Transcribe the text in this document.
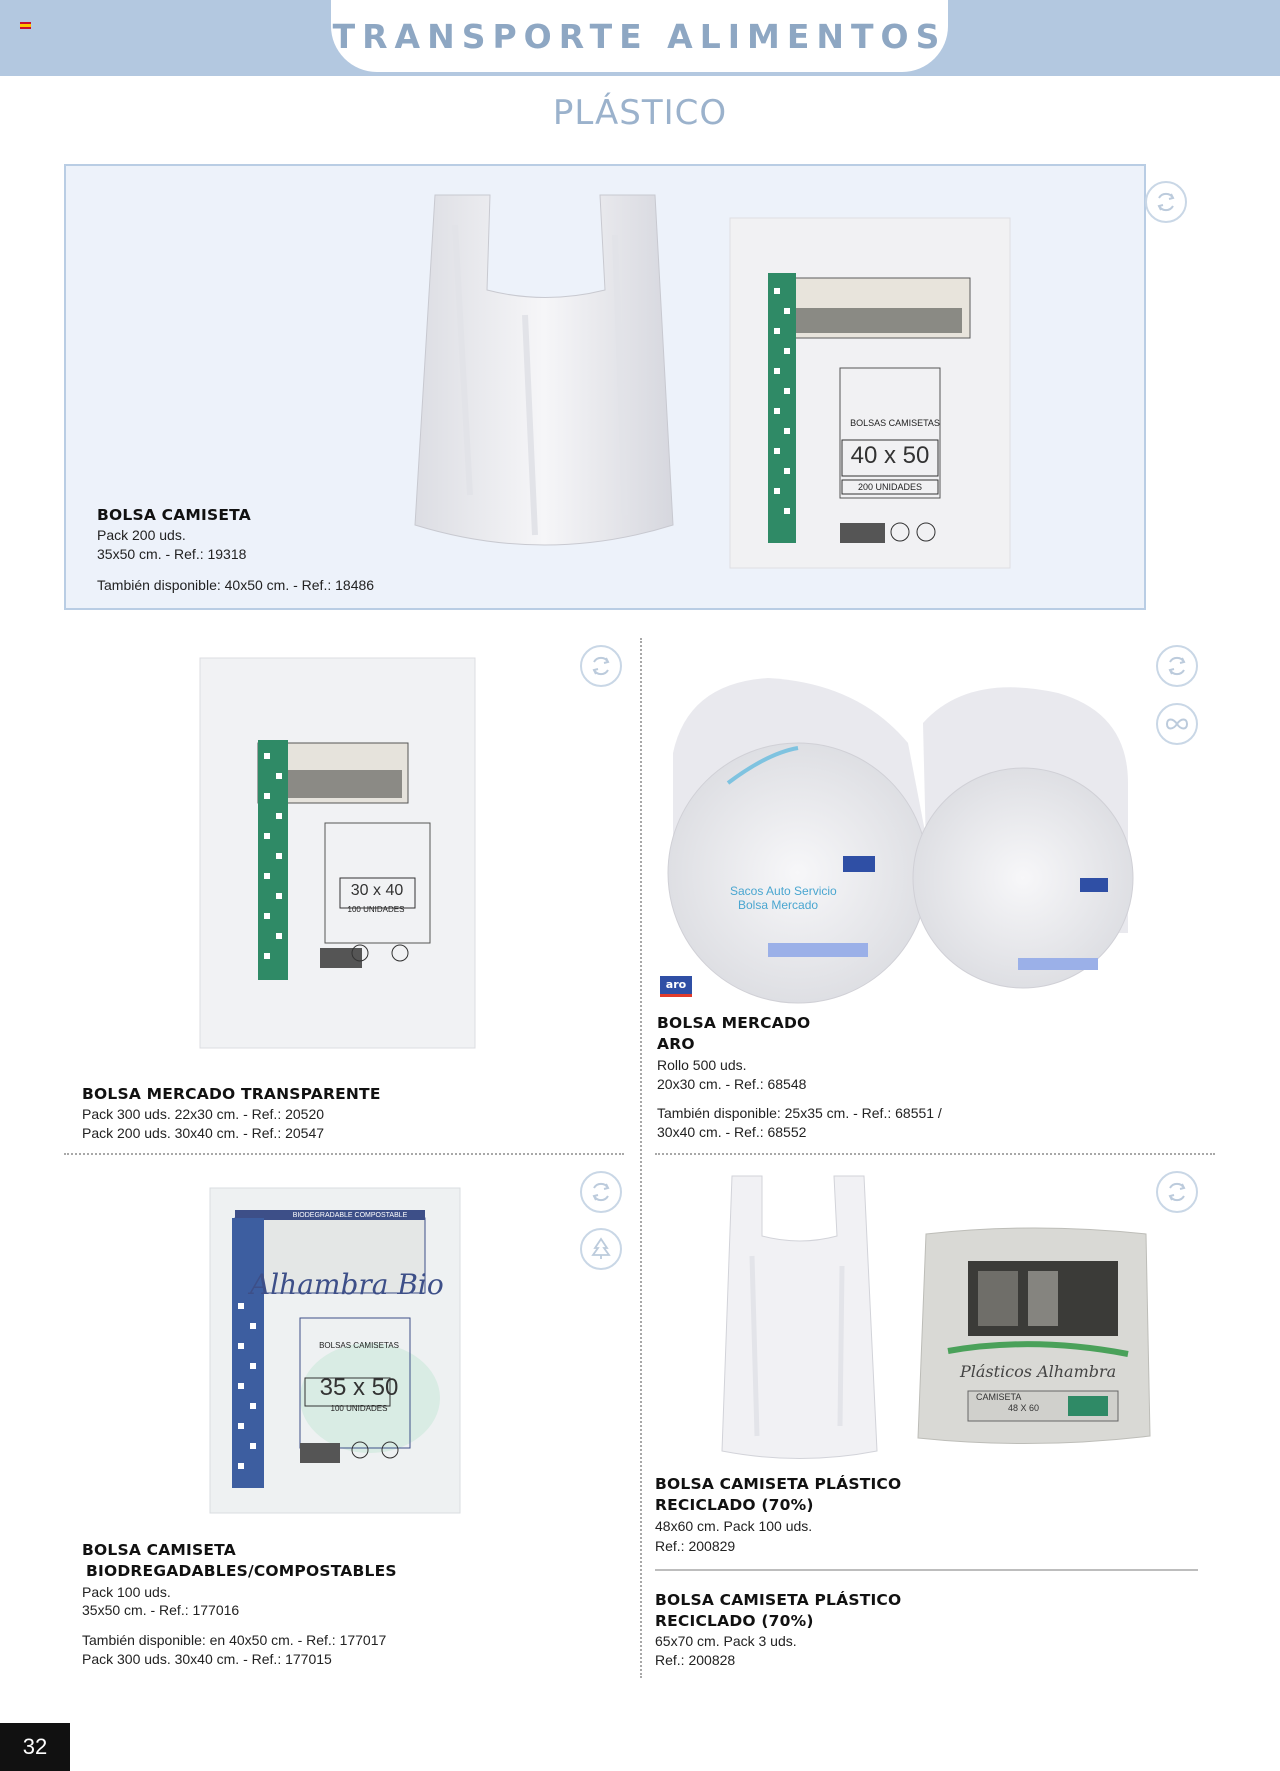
TRANSPORTE ALIMENTOS
PLÁSTICO
BOLSAS CAMISETAS
40 x 50
200 UNIDADES
BOLSA CAMISETA
Pack 200 uds.
35x50 cm. - Ref.: 19318
También disponible: 40x50 cm. - Ref.: 18486
30 x 40
100 UNIDADES
BOLSA MERCADO TRANSPARENTE
Pack 300 uds. 22x30 cm. - Ref.: 20520
Pack 200 uds. 30x40 cm. - Ref.: 20547
Sacos Auto Servicio
Bolsa Mercado
aro
BOLSA MERCADO
ARO
Rollo 500 uds.
20x30 cm. - Ref.: 68548
También disponible: 25x35 cm. - Ref.: 68551 /
30x40 cm. - Ref.: 68552
BIODEGRADABLE COMPOSTABLE
Alhambra Bio
BOLSAS CAMISETAS
35 x 50
100 UNIDADES
BOLSA CAMISETA
BIODREGADABLES/COMPOSTABLES
Pack 100 uds.
35x50 cm. - Ref.: 177016
También disponible: en 40x50 cm. - Ref.: 177017
Pack 300 uds. 30x40 cm. - Ref.: 177015
Plásticos Alhambra
CAMISETA
48 X 60
BOLSA CAMISETA PLÁSTICO
RECICLADO (70%)
48x60 cm. Pack 100 uds.
Ref.: 200829
BOLSA CAMISETA PLÁSTICO
RECICLADO (70%)
65x70 cm. Pack 3 uds.
Ref.: 200828
32
